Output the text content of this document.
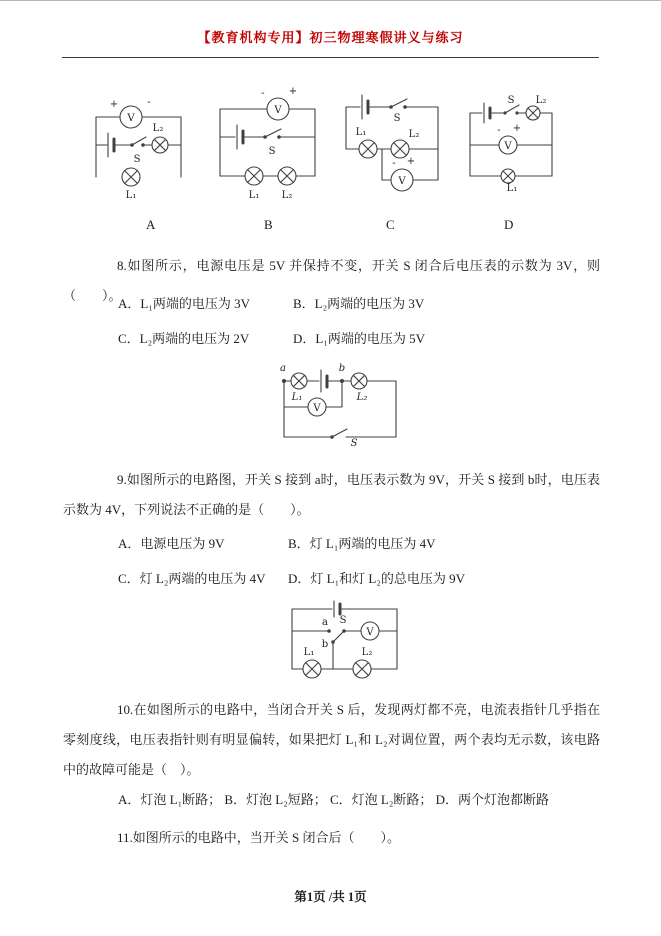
【教育机构专用】初三物理寒假讲义与练习
V
+	-
L₂
S
L₁
V
- +
S
L₁ L₂
S
L₁	L₂
V
- +
S L₂
V
- +
L₁
A	B	C	D
8.如图所示，电源电压是 5V 并保持不变，开关 S 闭合后电压表的示数为 3V，则（　　）。
A．L₁两端的电压为 3V	B．L₂两端的电压为 3V
C．L₂两端的电压为 2V	D．L₁两端的电压为 5V
a
L₁
b
L₂
V
S
9.如图所示的电路图，开关 S 接到 a时，电压表示数为 9V，开关 S 接到 b时，电压表示数为 4V，下列说法不正确的是（　　）。
A．电源电压为 9V	B．灯 L₁两端的电压为 4V
C．灯 L₂两端的电压为 4V D．灯 L₁和灯 L₂的总电压为 9V
a S
b
V
L₁	L₂
10.在如图所示的电路中，当闭合开关 S 后，发现两灯都不亮，电流表指针几乎指在零刻度线，电压表指针则有明显偏转，如果把灯 L₁和 L₂对调位置，两个表均无示数，该电路中的故障可能是（　）。
A．灯泡 L₁断路； B．灯泡 L₂短路； C．灯泡 L₂断路； D．两个灯泡都断路
11.如图所示的电路中，当开关 S 闭合后（　　）。
第1页 /共 1页
